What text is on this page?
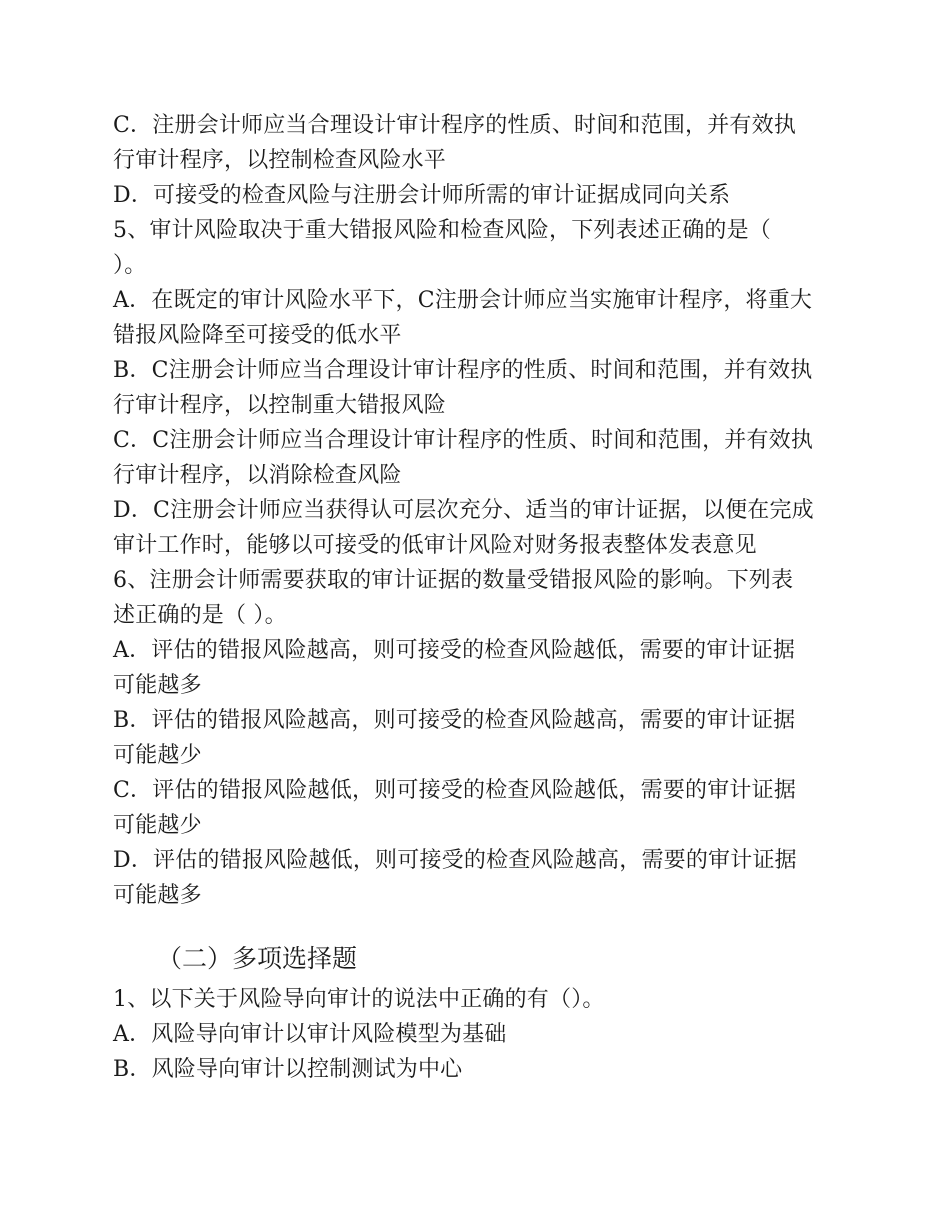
C．注册会计师应当合理设计审计程序的性质、时间和范围，并有效执
行审计程序，以控制检查风险水平
D．可接受的检查风险与注册会计师所需的审计证据成同向关系
5、审计风险取决于重大错报风险和检查风险，下列表述正确的是（
）。
A．在既定的审计风险水平下，C注册会计师应当实施审计程序，将重大
错报风险降至可接受的低水平
B．C注册会计师应当合理设计审计程序的性质、时间和范围，并有效执
行审计程序，以控制重大错报风险
C．C注册会计师应当合理设计审计程序的性质、时间和范围，并有效执
行审计程序，以消除检查风险
D．C注册会计师应当获得认可层次充分、适当的审计证据，以便在完成
审计工作时，能够以可接受的低审计风险对财务报表整体发表意见
6、注册会计师需要获取的审计证据的数量受错报风险的影响。下列表
述正确的是（ ）。
A．评估的错报风险越高，则可接受的检查风险越低，需要的审计证据
可能越多
B．评估的错报风险越高，则可接受的检查风险越高，需要的审计证据
可能越少
C．评估的错报风险越低，则可接受的检查风险越低，需要的审计证据
可能越少
D．评估的错报风险越低，则可接受的检查风险越高，需要的审计证据
可能越多
（二）多项选择题
1、以下关于风险导向审计的说法中正确的有（）。
A．风险导向审计以审计风险模型为基础
B．风险导向审计以控制测试为中心
